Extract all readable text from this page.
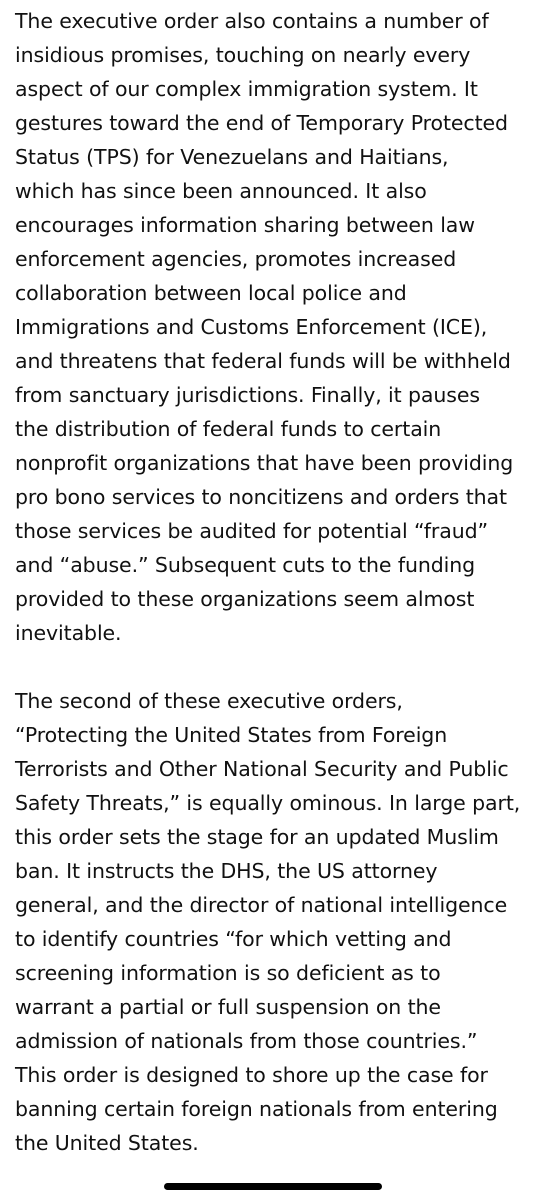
The executive order also contains a number of
insidious promises, touching on nearly every
aspect of our complex immigration system. It
gestures toward the end of Temporary Protected
Status (TPS) for Venezuelans and Haitians,
which has since been announced. It also
encourages information sharing between law
enforcement agencies, promotes increased
collaboration between local police and
Immigrations and Customs Enforcement (ICE),
and threatens that federal funds will be withheld
from sanctuary jurisdictions. Finally, it pauses
the distribution of federal funds to certain
nonprofit organizations that have been providing
pro bono services to noncitizens and orders that
those services be audited for potential “fraud”
and “abuse.” Subsequent cuts to the funding
provided to these organizations seem almost
inevitable.

The second of these executive orders,
“Protecting the United States from Foreign
Terrorists and Other National Security and Public
Safety Threats,” is equally ominous. In large part,
this order sets the stage for an updated Muslim
ban. It instructs the DHS, the US attorney
general, and the director of national intelligence
to identify countries “for which vetting and
screening information is so deficient as to
warrant a partial or full suspension on the
admission of nationals from those countries.”
This order is designed to shore up the case for
banning certain foreign nationals from entering
the United States.
